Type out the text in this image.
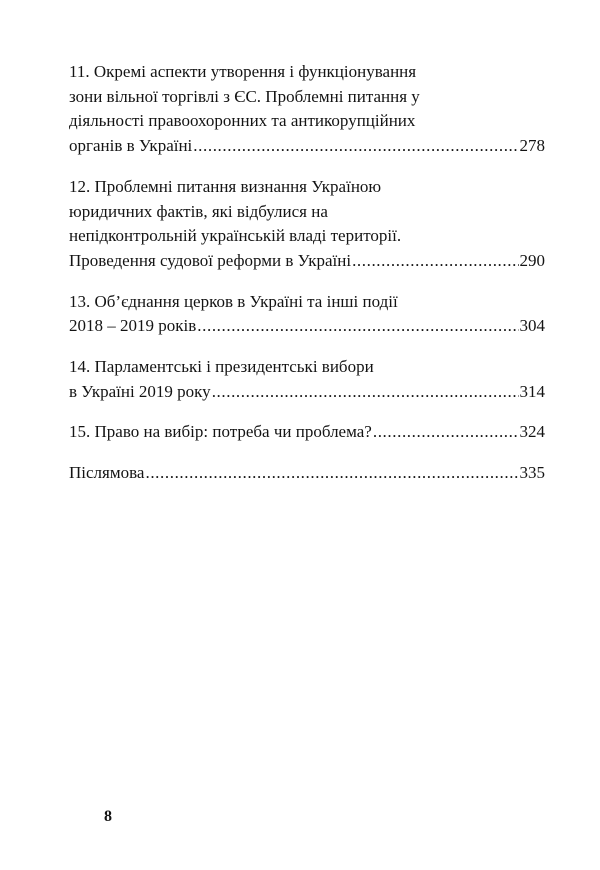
11. Окремі аспекти утворення і функціонування
зони вільної торгівлі з ЄС. Проблемні питання у
діяльності правоохоронних та антикорупційних
органів в Україні .....	278
12. Проблемні питання визнання Україною
юридичних фактів, які відбулися на
непідконтрольній українській владі території.
Проведення судової реформи в Україні .....	290
13. Об’єднання церков в Україні та інші події
2018 – 2019 років .....	304
14. Парламентські і президентські вибори
в Україні 2019 року .....	314
15. Право на вибір: потреба чи проблема? .....	324
Післямова .....	335
8
